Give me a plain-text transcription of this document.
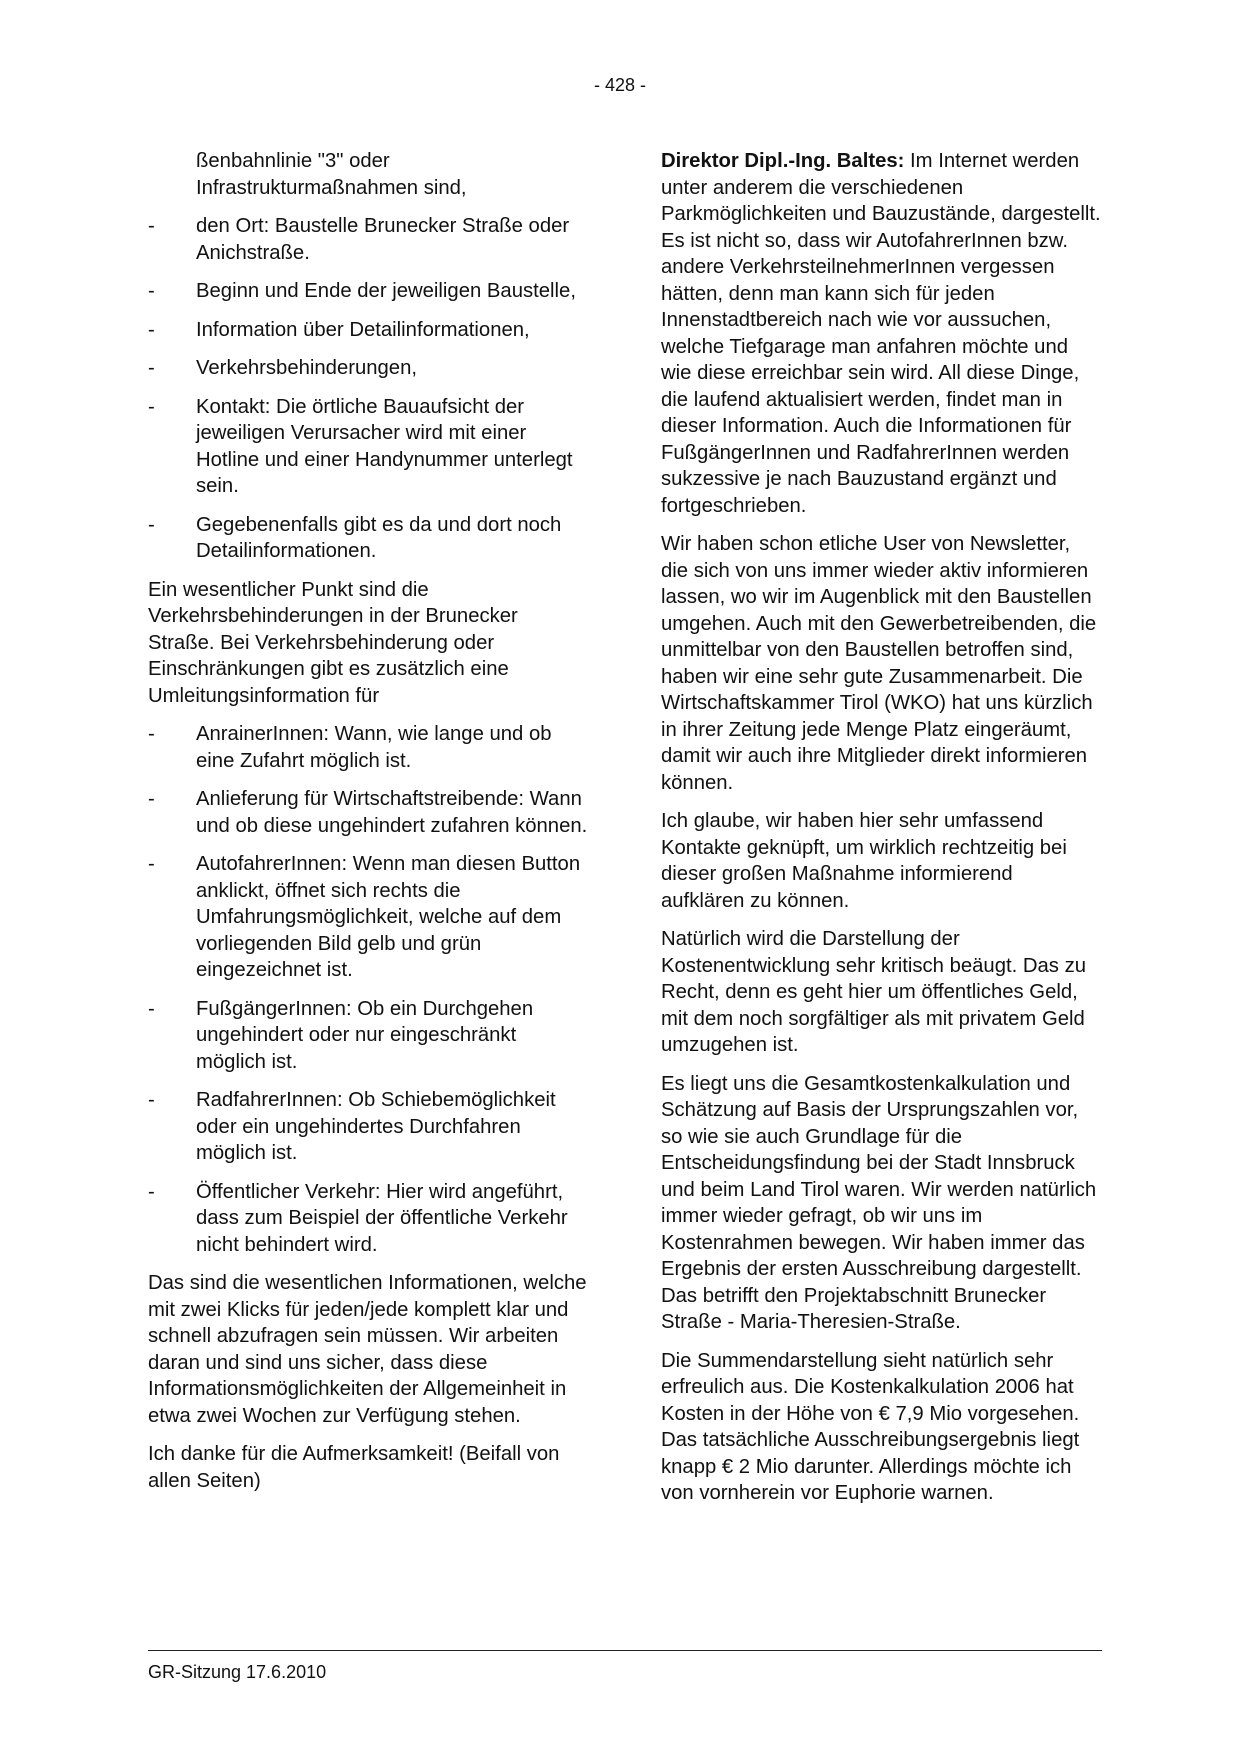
- 428 -

ßenbahnlinie "3" oder Infrastrukturmaßnahmen sind,

- den Ort: Baustelle Brunecker Straße oder Anichstraße.
- Beginn und Ende der jeweiligen Baustelle,
- Information über Detailinformationen,
- Verkehrsbehinderungen,
- Kontakt: Die örtliche Bauaufsicht der jeweiligen Verursacher wird mit einer Hotline und einer Handynummer unterlegt sein.
- Gegebenenfalls gibt es da und dort noch Detailinformationen.

Ein wesentlicher Punkt sind die Verkehrsbehinderungen in der Brunecker Straße. Bei Verkehrsbehinderung oder Einschränkungen gibt es zusätzlich eine Umleitungsinformation für

- AnrainerInnen: Wann, wie lange und ob eine Zufahrt möglich ist.
- Anlieferung für Wirtschaftstreibende: Wann und ob diese ungehindert zufahren können.
- AutofahrerInnen: Wenn man diesen Button anklickt, öffnet sich rechts die Umfahrungsmöglichkeit, welche auf dem vorliegenden Bild gelb und grün eingezeichnet ist.
- FußgängerInnen: Ob ein Durchgehen ungehindert oder nur eingeschränkt möglich ist.
- RadfahrerInnen: Ob Schiebemöglichkeit oder ein ungehindertes Durchfahren möglich ist.
- Öffentlicher Verkehr: Hier wird angeführt, dass zum Beispiel der öffentliche Verkehr nicht behindert wird.

Das sind die wesentlichen Informationen, welche mit zwei Klicks für jeden/jede komplett klar und schnell abzufragen sein müssen. Wir arbeiten daran und sind uns sicher, dass diese Informationsmöglichkeiten der Allgemeinheit in etwa zwei Wochen zur Verfügung stehen.

Ich danke für die Aufmerksamkeit! (Beifall von allen Seiten)

Direktor Dipl.-Ing. Baltes: Im Internet werden unter anderem die verschiedenen Parkmöglichkeiten und Bauzustände, dargestellt. Es ist nicht so, dass wir AutofahrerInnen bzw. andere VerkehrsteilnehmerInnen vergessen hätten, denn man kann sich für jeden Innenstadtbereich nach wie vor aussuchen, welche Tiefgarage man anfahren möchte und wie diese erreichbar sein wird. All diese Dinge, die laufend aktualisiert werden, findet man in dieser Information. Auch die Informationen für FußgängerInnen und RadfahrerInnen werden sukzessive je nach Bauzustand ergänzt und fortgeschrieben.

Wir haben schon etliche User von Newsletter, die sich von uns immer wieder aktiv informieren lassen, wo wir im Augenblick mit den Baustellen umgehen. Auch mit den Gewerbetreibenden, die unmittelbar von den Baustellen betroffen sind, haben wir eine sehr gute Zusammenarbeit. Die Wirtschaftskammer Tirol (WKO) hat uns kürzlich in ihrer Zeitung jede Menge Platz eingeräumt, damit wir auch ihre Mitglieder direkt informieren können.

Ich glaube, wir haben hier sehr umfassend Kontakte geknüpft, um wirklich rechtzeitig bei dieser großen Maßnahme informierend aufklären zu können.

Natürlich wird die Darstellung der Kostenentwicklung sehr kritisch beäugt. Das zu Recht, denn es geht hier um öffentliches Geld, mit dem noch sorgfältiger als mit privatem Geld umzugehen ist.

Es liegt uns die Gesamtkostenkalkulation und Schätzung auf Basis der Ursprungszahlen vor, so wie sie auch Grundlage für die Entscheidungsfindung bei der Stadt Innsbruck und beim Land Tirol waren. Wir werden natürlich immer wieder gefragt, ob wir uns im Kostenrahmen bewegen. Wir haben immer das Ergebnis der ersten Ausschreibung dargestellt. Das betrifft den Projektabschnitt Brunecker Straße - Maria-Theresien-Straße.

Die Summendarstellung sieht natürlich sehr erfreulich aus. Die Kostenkalkulation 2006 hat Kosten in der Höhe von € 7,9 Mio vorgesehen. Das tatsächliche Ausschreibungsergebnis liegt knapp € 2 Mio darunter. Allerdings möchte ich von vornherein vor Euphorie warnen.

GR-Sitzung 17.6.2010
